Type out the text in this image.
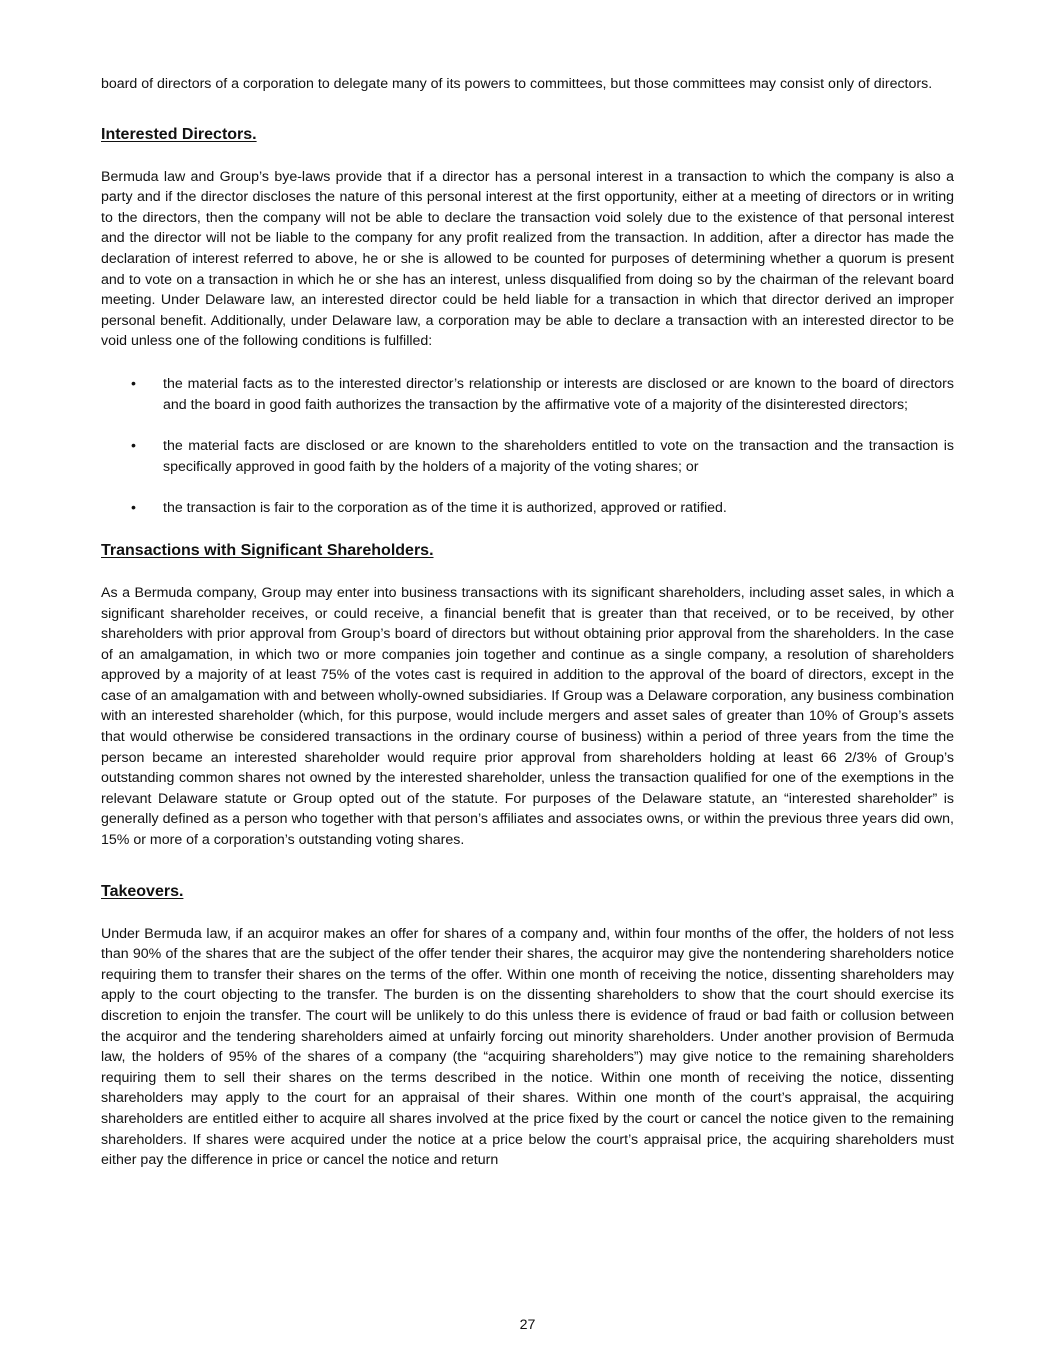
board of directors of a corporation to delegate many of its powers to committees, but those committees may consist only of directors.

Interested Directors.

Bermuda law and Group’s bye-laws provide that if a director has a personal interest in a transaction to which the company is also a party and if the director discloses the nature of this personal interest at the first opportunity, either at a meeting of directors or in writing to the directors, then the company will not be able to declare the transaction void solely due to the existence of that personal interest and the director will not be liable to the company for any profit realized from the transaction. In addition, after a director has made the declaration of interest referred to above, he or she is allowed to be counted for purposes of determining whether a quorum is present and to vote on a transaction in which he or she has an interest, unless disqualified from doing so by the chairman of the relevant board meeting. Under Delaware law, an interested director could be held liable for a transaction in which that director derived an improper personal benefit. Additionally, under Delaware law, a corporation may be able to declare a transaction with an interested director to be void unless one of the following conditions is fulfilled:

• the material facts as to the interested director’s relationship or interests are disclosed or are known to the board of directors and the board in good faith authorizes the transaction by the affirmative vote of a majority of the disinterested directors;
• the material facts are disclosed or are known to the shareholders entitled to vote on the transaction and the transaction is specifically approved in good faith by the holders of a majority of the voting shares; or
• the transaction is fair to the corporation as of the time it is authorized, approved or ratified.
Transactions with Significant Shareholders.

As a Bermuda company, Group may enter into business transactions with its significant shareholders, including asset sales, in which a significant shareholder receives, or could receive, a financial benefit that is greater than that received, or to be received, by other shareholders with prior approval from Group’s board of directors but without obtaining prior approval from the shareholders. In the case of an amalgamation, in which two or more companies join together and continue as a single company, a resolution of shareholders approved by a majority of at least 75% of the votes cast is required in addition to the approval of the board of directors, except in the case of an amalgamation with and between wholly-owned subsidiaries. If Group was a Delaware corporation, any business combination with an interested shareholder (which, for this purpose, would include mergers and asset sales of greater than 10% of Group’s assets that would otherwise be considered transactions in the ordinary course of business) within a period of three years from the time the person became an interested shareholder would require prior approval from shareholders holding at least 66 2/3% of Group’s outstanding common shares not owned by the interested shareholder, unless the transaction qualified for one of the exemptions in the relevant Delaware statute or Group opted out of the statute. For purposes of the Delaware statute, an “interested shareholder” is generally defined as a person who together with that person’s affiliates and associates owns, or within the previous three years did own, 15% or more of a corporation’s outstanding voting shares.

Takeovers.

Under Bermuda law, if an acquiror makes an offer for shares of a company and, within four months of the offer, the holders of not less than 90% of the shares that are the subject of the offer tender their shares, the acquiror may give the nontendering shareholders notice requiring them to transfer their shares on the terms of the offer. Within one month of receiving the notice, dissenting shareholders may apply to the court objecting to the transfer. The burden is on the dissenting shareholders to show that the court should exercise its discretion to enjoin the transfer. The court will be unlikely to do this unless there is evidence of fraud or bad faith or collusion between the acquiror and the tendering shareholders aimed at unfairly forcing out minority shareholders. Under another provision of Bermuda law, the holders of 95% of the shares of a company (the “acquiring shareholders”) may give notice to the remaining shareholders requiring them to sell their shares on the terms described in the notice. Within one month of receiving the notice, dissenting shareholders may apply to the court for an appraisal of their shares. Within one month of the court’s appraisal, the acquiring shareholders are entitled either to acquire all shares involved at the price fixed by the court or cancel the notice given to the remaining shareholders. If shares were acquired under the notice at a price below the court’s appraisal price, the acquiring shareholders must either pay the difference in price or cancel the notice and return

27
